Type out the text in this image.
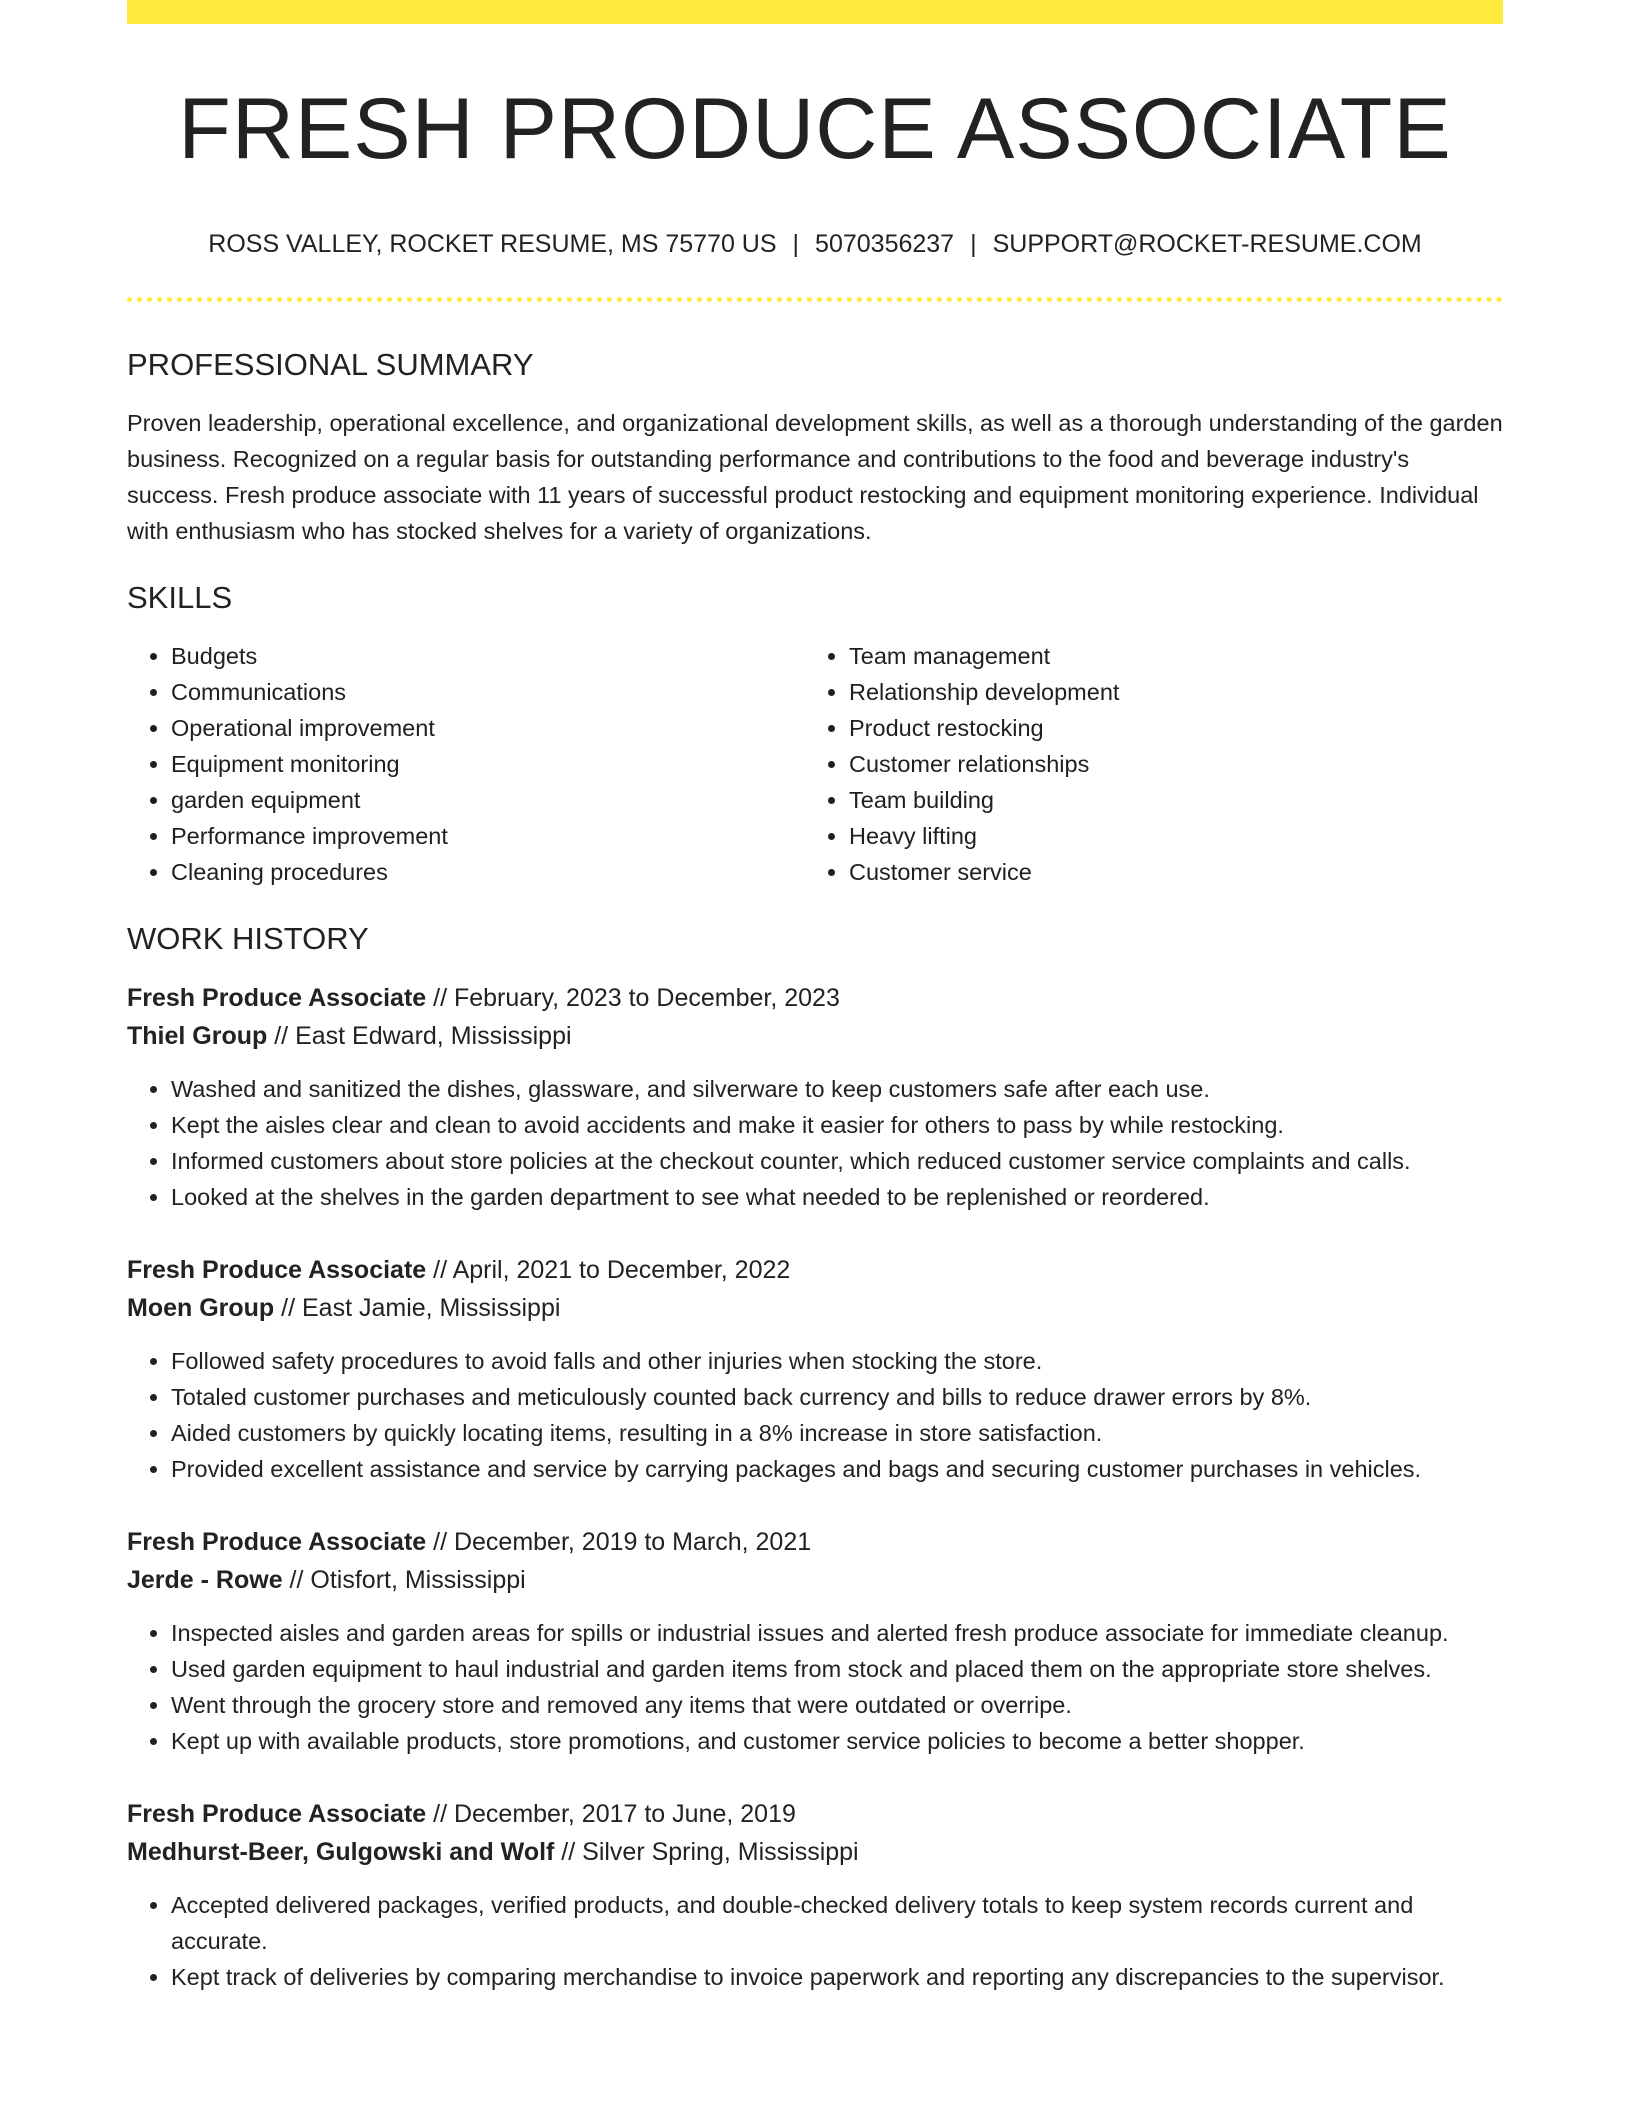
FRESH PRODUCE ASSOCIATE
ROSS VALLEY, ROCKET RESUME, MS 75770 US | 5070356237 | SUPPORT@ROCKET-RESUME.COM
PROFESSIONAL SUMMARY

Proven leadership, operational excellence, and organizational development skills, as well as a thorough understanding of the garden business. Recognized on a regular basis for outstanding performance and contributions to the food and beverage industry's success. Fresh produce associate with 11 years of successful product restocking and equipment monitoring experience. Individual with enthusiasm who has stocked shelves for a variety of organizations.

SKILLS
• Budgets
• Communications
• Operational improvement
• Equipment monitoring
• garden equipment
• Performance improvement
• Cleaning procedures
• Team management
• Relationship development
• Product restocking
• Customer relationships
• Team building
• Heavy lifting
• Customer service
WORK HISTORY
Fresh Produce Associate // February, 2023 to December, 2023
Thiel Group // East Edward, Mississippi
• Washed and sanitized the dishes, glassware, and silverware to keep customers safe after each use.
• Kept the aisles clear and clean to avoid accidents and make it easier for others to pass by while restocking.
• Informed customers about store policies at the checkout counter, which reduced customer service complaints and calls.
• Looked at the shelves in the garden department to see what needed to be replenished or reordered.
Fresh Produce Associate // April, 2021 to December, 2022
Moen Group // East Jamie, Mississippi
• Followed safety procedures to avoid falls and other injuries when stocking the store.
• Totaled customer purchases and meticulously counted back currency and bills to reduce drawer errors by 8%.
• Aided customers by quickly locating items, resulting in a 8% increase in store satisfaction.
• Provided excellent assistance and service by carrying packages and bags and securing customer purchases in vehicles.
Fresh Produce Associate // December, 2019 to March, 2021
Jerde - Rowe // Otisfort, Mississippi
• Inspected aisles and garden areas for spills or industrial issues and alerted fresh produce associate for immediate cleanup.
• Used garden equipment to haul industrial and garden items from stock and placed them on the appropriate store shelves.
• Went through the grocery store and removed any items that were outdated or overripe.
• Kept up with available products, store promotions, and customer service policies to become a better shopper.
Fresh Produce Associate // December, 2017 to June, 2019
Medhurst-Beer, Gulgowski and Wolf // Silver Spring, Mississippi
• Accepted delivered packages, verified products, and double-checked delivery totals to keep system records current and accurate.
• Kept track of deliveries by comparing merchandise to invoice paperwork and reporting any discrepancies to the supervisor.
